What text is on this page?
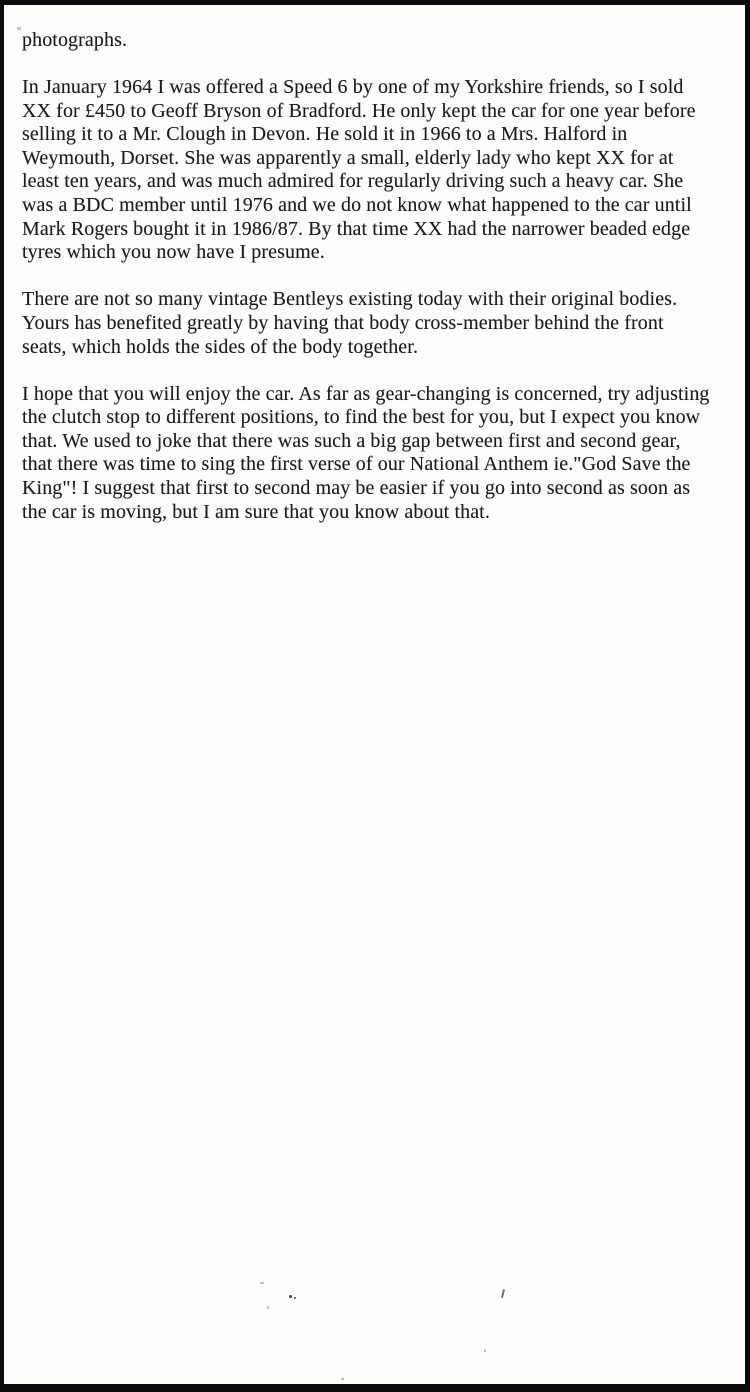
photographs.
In January 1964 I was offered a Speed 6 by one of my Yorkshire friends, so I sold
XX for £450 to Geoff Bryson of Bradford. He only kept the car for one year before
selling it to a Mr. Clough in Devon. He sold it in 1966 to a Mrs. Halford in
Weymouth, Dorset. She was apparently a small, elderly lady who kept XX for at
least ten years, and was much admired for regularly driving such a heavy car. She
was a BDC member until 1976 and we do not know what happened to the car until
Mark Rogers bought it in 1986/87. By that time XX had the narrower beaded edge
tyres which you now have I presume.
There are not so many vintage Bentleys existing today with their original bodies.
Yours has benefited greatly by having that body cross-member behind the front
seats, which holds the sides of the body together.
I hope that you will enjoy the car. As far as gear-changing is concerned, try adjusting
the clutch stop to different positions, to find the best for you, but I expect you know
that. We used to joke that there was such a big gap between first and second gear,
that there was time to sing the first verse of our National Anthem ie."God Save the
King"! I suggest that first to second may be easier if you go into second as soon as
the car is moving, but I am sure that you know about that.
